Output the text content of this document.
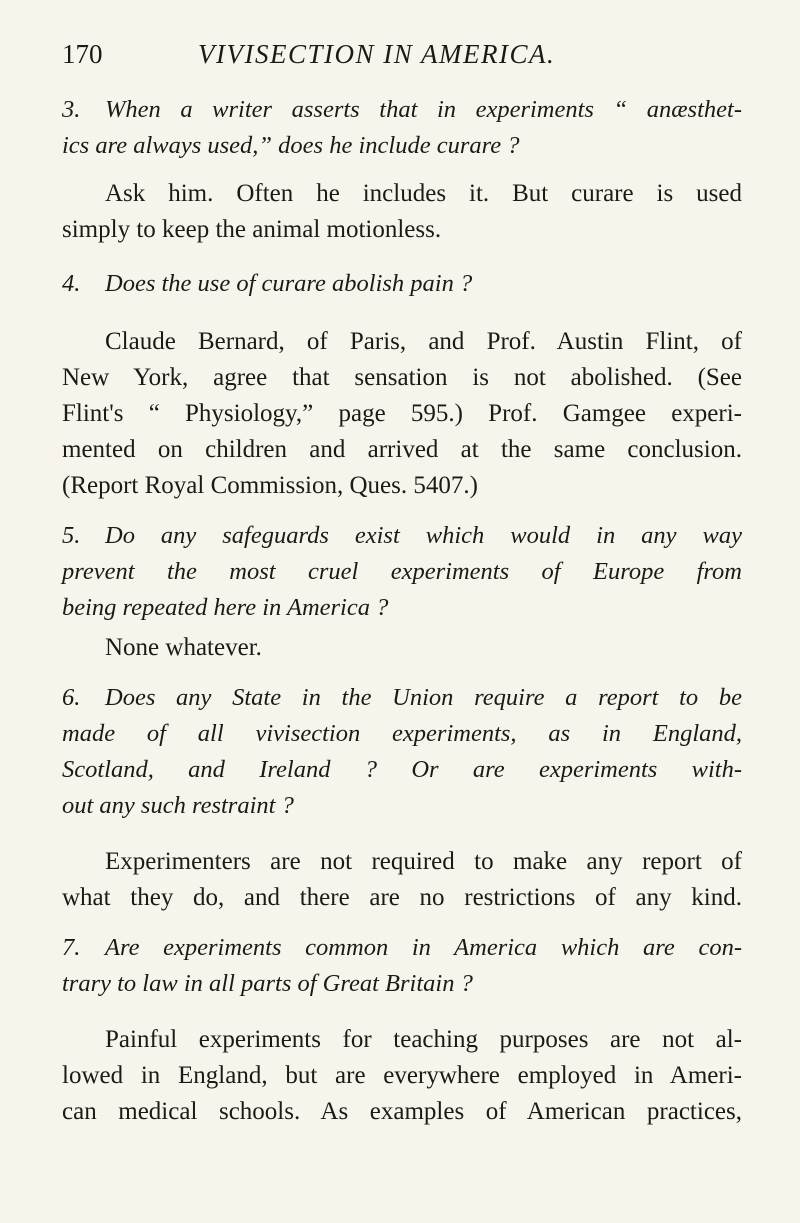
170	VIVISECTION IN AMERICA.

3. When a writer asserts that in experiments “ anæsthet-
ics are always used,” does he include curare ?

Ask him. Often he includes it. But curare is used
simply to keep the animal motionless.

4. Does the use of curare abolish pain ?

Claude Bernard, of Paris, and Prof. Austin Flint, of
New York, agree that sensation is not abolished. (See
Flint's “ Physiology,” page 595.) Prof. Gamgee experi-
mented on children and arrived at the same conclusion.
(Report Royal Commission, Ques. 5407.)

5. Do any safeguards exist which would in any way
prevent the most cruel experiments of Europe from
being repeated here in America ?

None whatever.

6. Does any State in the Union require a report to be
made of all vivisection experiments, as in England,
Scotland, and Ireland ? Or are experiments with-
out any such restraint ?

Experimenters are not required to make any report of
what they do, and there are no restrictions of any kind.

7. Are experiments common in America which are con-
trary to law in all parts of Great Britain ?

Painful experiments for teaching purposes are not al-
lowed in England, but are everywhere employed in Ameri-
can medical schools. As examples of American practices,
